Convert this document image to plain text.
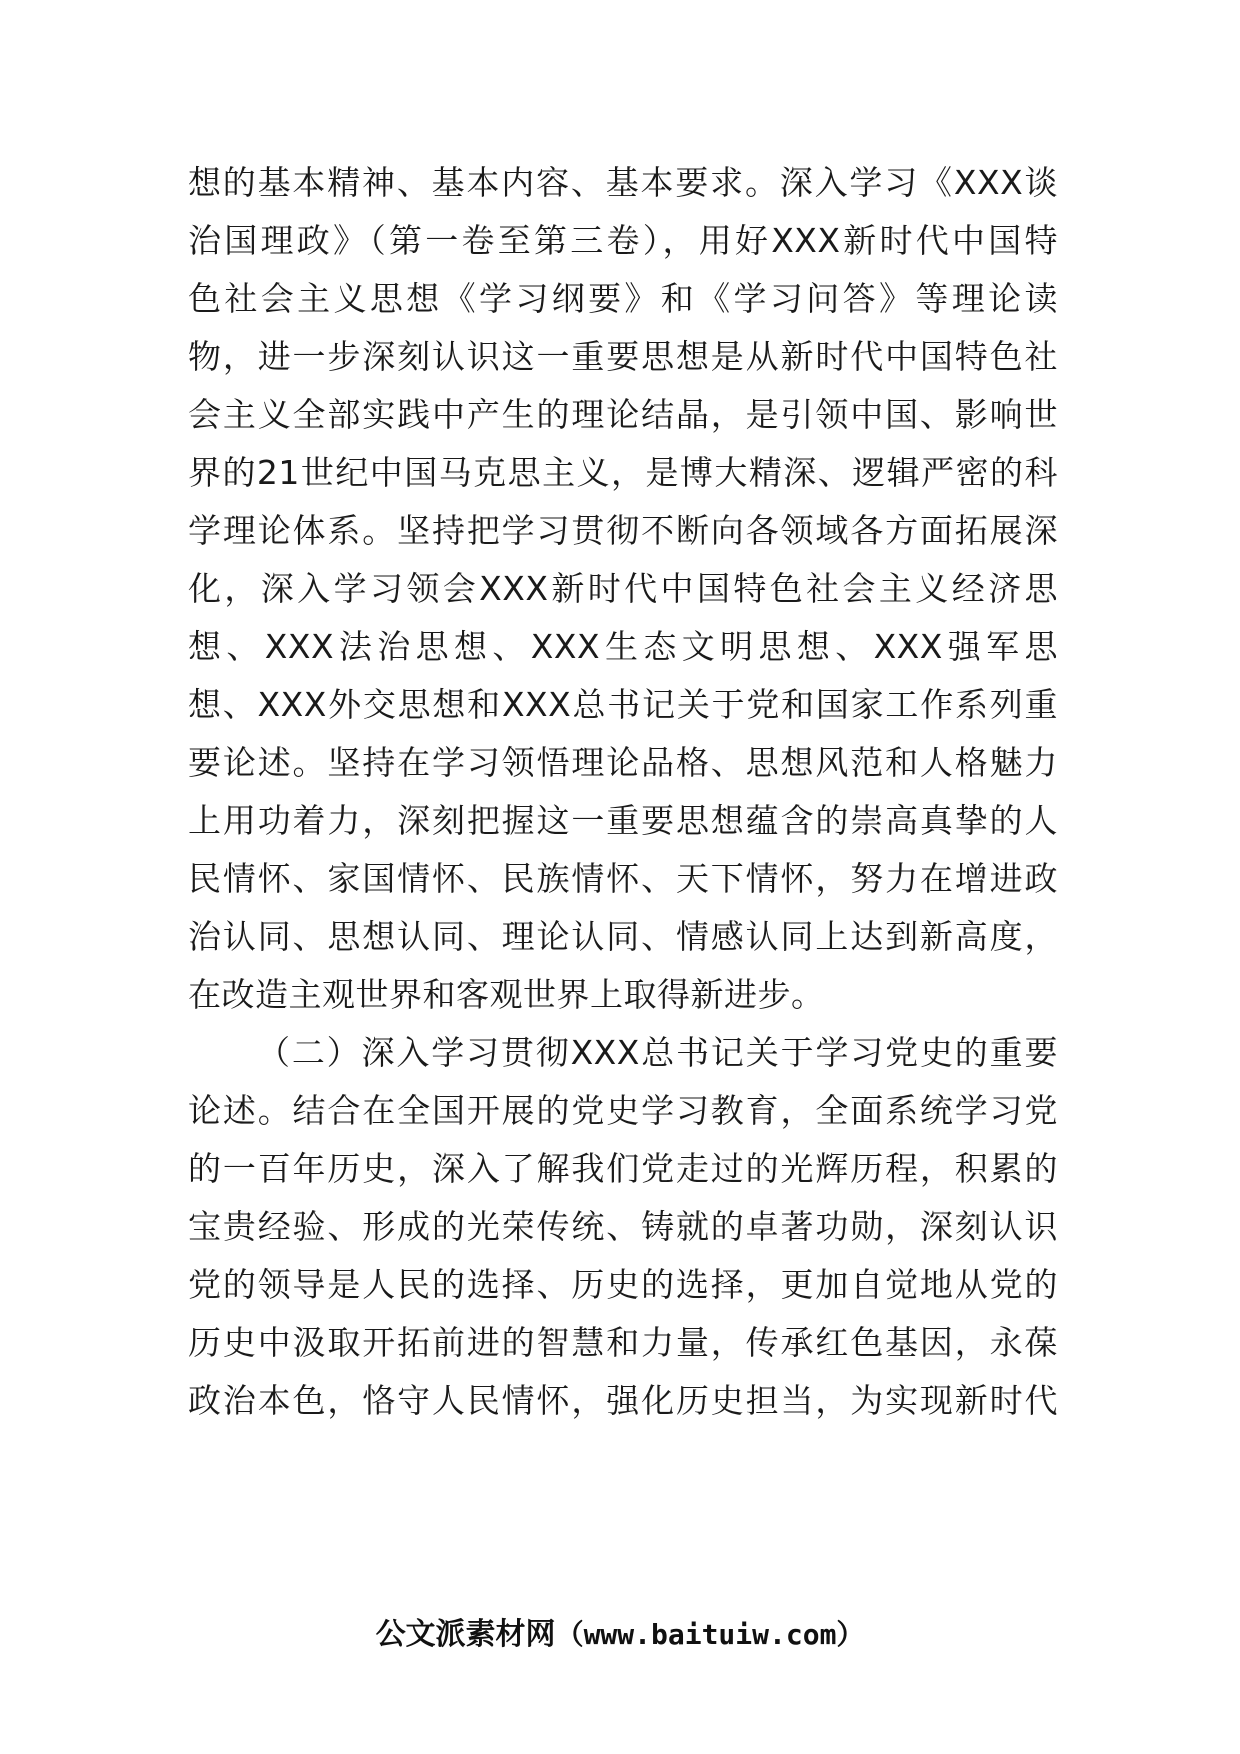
想的基本精神、基本内容、基本要求。深入学习《XXX谈
治国理政》（第一卷至第三卷），用好XXX新时代中国特
色社会主义思想《学习纲要》和《学习问答》等理论读
物，进一步深刻认识这一重要思想是从新时代中国特色社
会主义全部实践中产生的理论结晶，是引领中国、影响世
界的21世纪中国马克思主义，是博大精深、逻辑严密的科
学理论体系。坚持把学习贯彻不断向各领域各方面拓展深
化，深入学习领会XXX新时代中国特色社会主义经济思
想、XXX法治思想、XXX生态文明思想、XXX强军思
想、XXX外交思想和XXX总书记关于党和国家工作系列重
要论述。坚持在学习领悟理论品格、思想风范和人格魅力
上用功着力，深刻把握这一重要思想蕴含的崇高真挚的人
民情怀、家国情怀、民族情怀、天下情怀，努力在增进政
治认同、思想认同、理论认同、情感认同上达到新高度，
在改造主观世界和客观世界上取得新进步。
（二）深入学习贯彻XXX总书记关于学习党史的重要
论述。结合在全国开展的党史学习教育，全面系统学习党
的一百年历史，深入了解我们党走过的光辉历程，积累的
宝贵经验、形成的光荣传统、铸就的卓著功勋，深刻认识
党的领导是人民的选择、历史的选择，更加自觉地从党的
历史中汲取开拓前进的智慧和力量，传承红色基因，永葆
政治本色，恪守人民情怀，强化历史担当，为实现新时代
公文派素材网（www.baituiw.com）
